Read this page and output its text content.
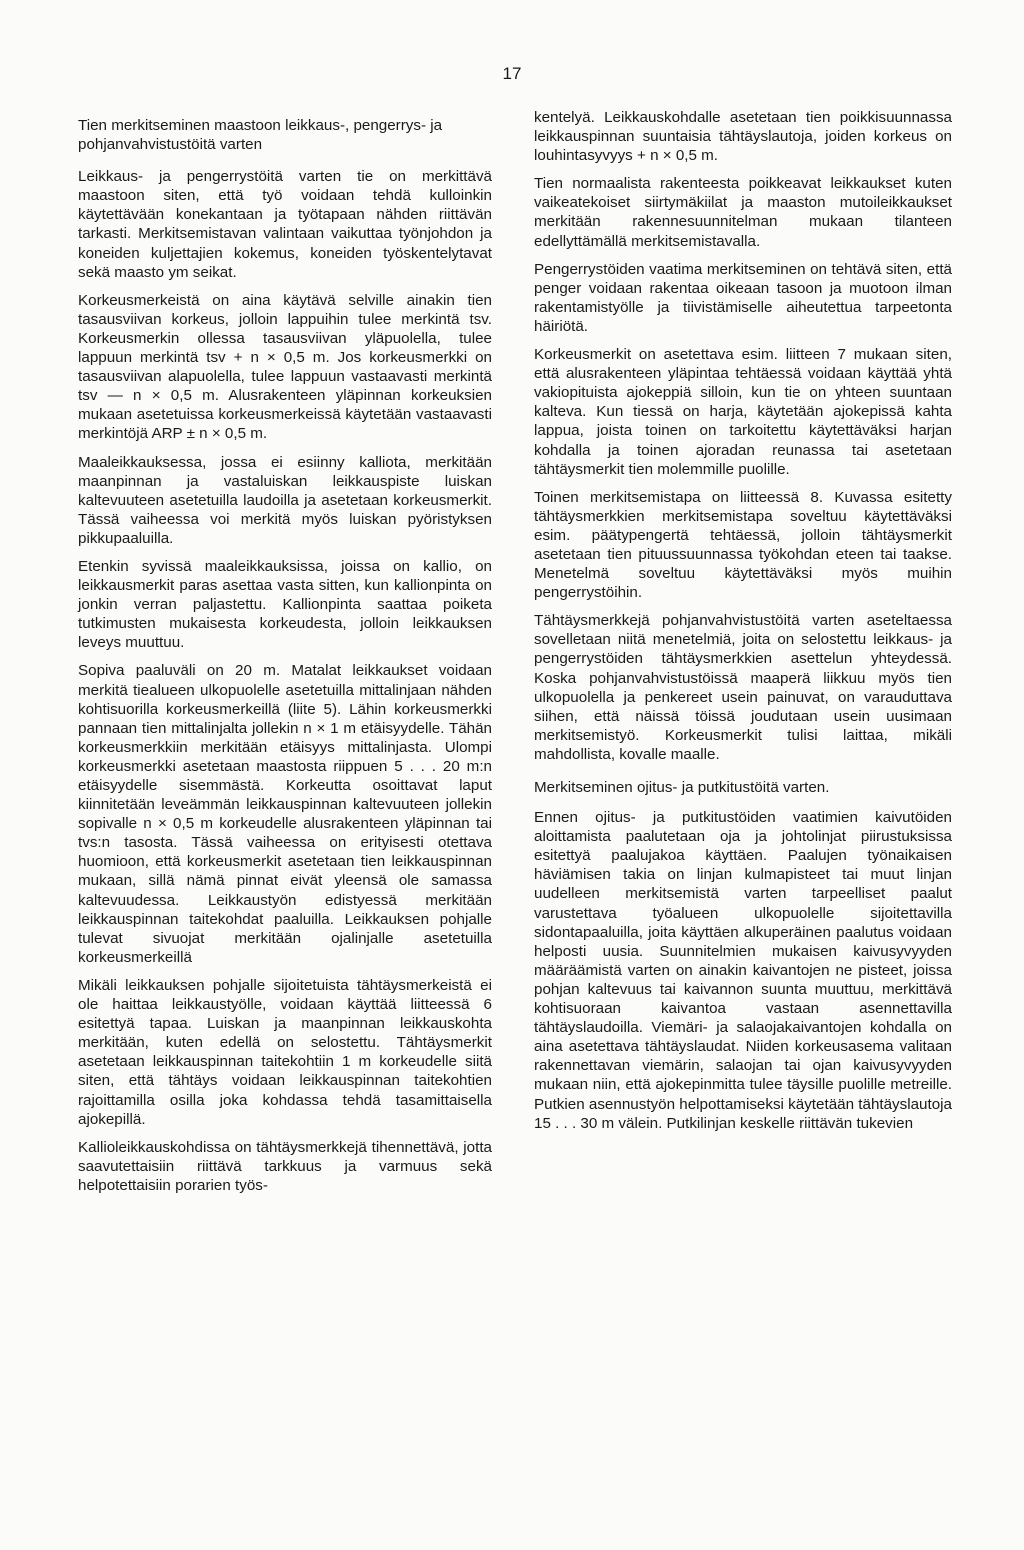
17
Tien merkitseminen maastoon leikkaus-, pengerrys- ja pohjanvahvistustöitä varten

Leikkaus- ja pengerrystöitä varten tie on merkittävä maastoon siten, että työ voidaan tehdä kulloinkin käytettävään konekantaan ja työtapaan nähden riittävän tarkasti. Merkitsemistavan valintaan vaikuttaa työnjohdon ja koneiden kuljettajien kokemus, koneiden työskentelytavat sekä maasto ym seikat.

Korkeusmerkeistä on aina käytävä selville ainakin tien tasausviivan korkeus, jolloin lappuihin tulee merkintä tsv. Korkeusmerkin ollessa tasausviivan yläpuolella, tulee lappuun merkintä tsv + n × 0,5 m. Jos korkeusmerkki on tasausviivan alapuolella, tulee lappuun vastaavasti merkintä tsv — n × 0,5 m. Alusrakenteen yläpinnan korkeuksien mukaan asetetuissa korkeusmerkeissä käytetään vastaavasti merkintöjä ARP ± n × 0,5 m.

Maaleikkauksessa, jossa ei esiinny kalliota, merkitään maanpinnan ja vastaluiskan leikkauspiste luiskan kaltevuuteen asetetuilla laudoilla ja asetetaan korkeusmerkit. Tässä vaiheessa voi merkitä myös luiskan pyöristyksen pikkupaaluilla.

Etenkin syvissä maaleikkauksissa, joissa on kallio, on leikkausmerkit paras asettaa vasta sitten, kun kallionpinta on jonkin verran paljastettu. Kallionpinta saattaa poiketa tutkimusten mukaisesta korkeudesta, jolloin leikkauksen leveys muuttuu.

Sopiva paaluväli on 20 m. Matalat leikkaukset voidaan merkitä tiealueen ulkopuolelle asetetuilla mittalinjaan nähden kohtisuorilla korkeusmerkeillä (liite 5). Lähin korkeusmerkki pannaan tien mittalinjalta jollekin n × 1 m etäisyydelle. Tähän korkeusmerkkiin merkitään etäisyys mittalinjasta. Ulompi korkeusmerkki asetetaan maastosta riippuen 5 . . . 20 m:n etäisyydelle sisemmästä. Korkeutta osoittavat laput kiinnitetään leveämmän leikkauspinnan kaltevuuteen jollekin sopivalle n × 0,5 m korkeudelle alusrakenteen yläpinnan tai tvs:n tasosta. Tässä vaiheessa on erityisesti otettava huomioon, että korkeusmerkit asetetaan tien leikkauspinnan mukaan, sillä nämä pinnat eivät yleensä ole samassa kaltevuudessa. Leikkaustyön edistyessä merkitään leikkauspinnan taitekohdat paaluilla. Leikkauksen pohjalle tulevat sivuojat merkitään ojalinjalle asetetuilla korkeusmerkeillä

Mikäli leikkauksen pohjalle sijoitetuista tähtäysmerkeistä ei ole haittaa leikkaustyölle, voidaan käyttää liitteessä 6 esitettyä tapaa. Luiskan ja maanpinnan leikkauskohta merkitään, kuten edellä on selostettu. Tähtäysmerkit asetetaan leikkauspinnan taitekohtiin 1 m korkeudelle siitä siten, että tähtäys voidaan leikkauspinnan taitekohtien rajoittamilla osilla joka kohdassa tehdä tasamittaisella ajokepillä.

Kallioleikkauskohdissa on tähtäysmerkkejä tihennettävä, jotta saavutettaisiin riittävä tarkkuus ja varmuus sekä helpotettaisiin porarien työs-

kentelyä. Leikkauskohdalle asetetaan tien poikkisuunnassa leikkauspinnan suuntaisia tähtäyslautoja, joiden korkeus on louhintasyvyys + n × 0,5 m.

Tien normaalista rakenteesta poikkeavat leikkaukset kuten vaikeatekoiset siirtymäkiilat ja maaston mutoileikkaukset merkitään rakennesuunnitelman mukaan tilanteen edellyttämällä merkitsemistavalla.

Pengerrystöiden vaatima merkitseminen on tehtävä siten, että penger voidaan rakentaa oikeaan tasoon ja muotoon ilman rakentamistyölle ja tiivistämiselle aiheutettua tarpeetonta häiriötä.

Korkeusmerkit on asetettava esim. liitteen 7 mukaan siten, että alusrakenteen yläpintaa tehtäessä voidaan käyttää yhtä vakiopituista ajokeppiä silloin, kun tie on yhteen suuntaan kalteva. Kun tiessä on harja, käytetään ajokepissä kahta lappua, joista toinen on tarkoitettu käytettäväksi harjan kohdalla ja toinen ajoradan reunassa tai asetetaan tähtäysmerkit tien molemmille puolille.

Toinen merkitsemistapa on liitteessä 8. Kuvassa esitetty tähtäysmerkkien merkitsemistapa soveltuu käytettäväksi esim. päätypengertä tehtäessä, jolloin tähtäysmerkit asetetaan tien pituussuunnassa työkohdan eteen tai taakse. Menetelmä soveltuu käytettäväksi myös muihin pengerrystöihin.

Tähtäysmerkkejä pohjanvahvistustöitä varten aseteltaessa sovelletaan niitä menetelmiä, joita on selostettu leikkaus- ja pengerrystöiden tähtäysmerkkien asettelun yhteydessä. Koska pohjanvahvistustöissä maaperä liikkuu myös tien ulkopuolella ja penkereet usein painuvat, on varauduttava siihen, että näissä töissä joudutaan usein uusimaan merkitsemistyö. Korkeusmerkit tulisi laittaa, mikäli mahdollista, kovalle maalle.

Merkitseminen ojitus- ja putkitustöitä varten.

Ennen ojitus- ja putkitustöiden vaatimien kaivutöiden aloittamista paalutetaan oja ja johtolinjat piirustuksissa esitettyä paalujakoa käyttäen. Paalujen työnaikaisen häviämisen takia on linjan kulmapisteet tai muut linjan uudelleen merkitsemistä varten tarpeelliset paalut varustettava työalueen ulkopuolelle sijoitettavilla sidontapaaluilla, joita käyttäen alkuperäinen paalutus voidaan helposti uusia. Suunnitelmien mukaisen kaivusyvyyden määräämistä varten on ainakin kaivantojen ne pisteet, joissa pohjan kaltevuus tai kaivannon suunta muuttuu, merkittävä kohtisuoraan kaivantoa vastaan asennettavilla tähtäyslaudoilla. Viemäri- ja salaojakaivantojen kohdalla on aina asetettava tähtäyslaudat. Niiden korkeusasema valitaan rakennettavan viemärin, salaojan tai ojan kaivusyvyyden mukaan niin, että ajokepinmitta tulee täysille puolille metreille. Putkien asennustyön helpottamiseksi käytetään tähtäyslautoja 15 . . . 30 m välein. Putkilinjan keskelle riittävän tukevien
